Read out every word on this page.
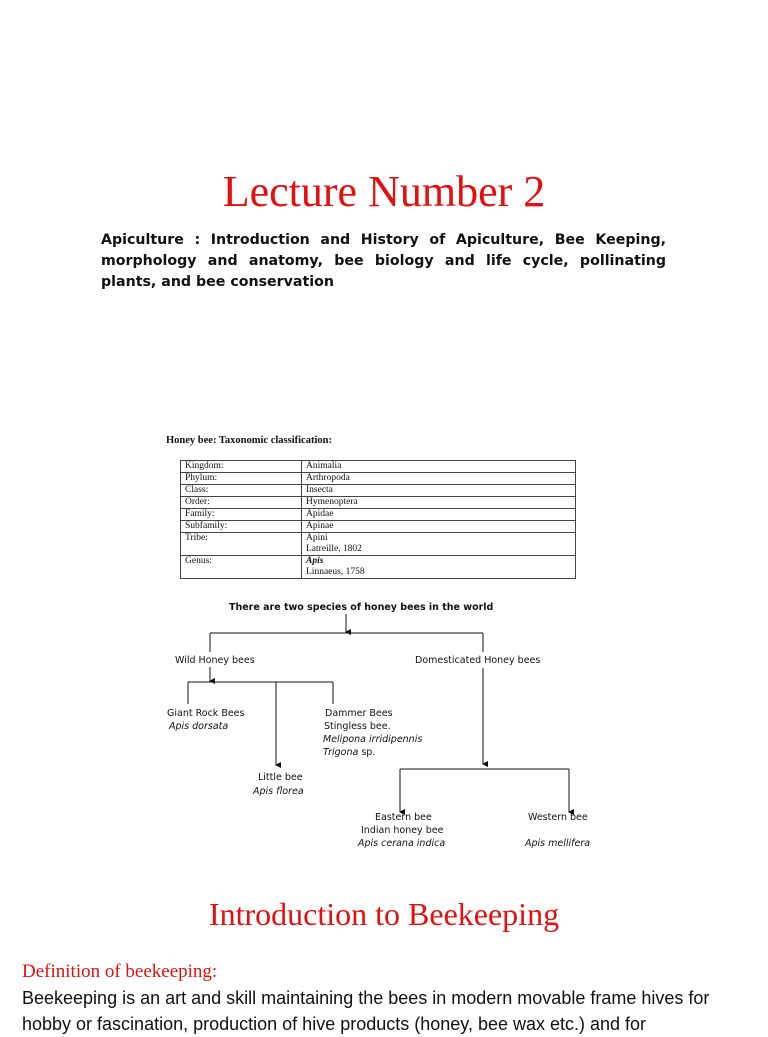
Lecture Number 2
Apiculture : Introduction and History of Apiculture, Bee Keeping, morphology and anatomy, bee biology and life cycle, pollinating plants, and bee conservation
Honey bee: Taxonomic classification:
Kingdom:	Animalia
Phylum:	Arthropoda
Class:	Insecta
Order:	Hymenoptera
Family:	Apidae
Subfamily:	Apinae
Tribe:	Apini
Latreille, 1802

Genus:	Apis
Linnaeus, 1758
There are two species of honey bees in the world
Wild Honey bees	Domesticated Honey bees
Giant Rock Bees
Apis dorsata
Dammer Bees
Stingless bee.
Melipona irridipennis
Trigona sp.
Little bee
Apis florea
Eastern bee
Indian honey bee
Apis cerana indica
Western bee
Apis mellifera
Introduction to Beekeeping
Definition of beekeeping:
Beekeeping is an art and skill maintaining the bees in modern movable frame hives for hobby or fascination, production of hive products (honey, bee wax etc.) and for
